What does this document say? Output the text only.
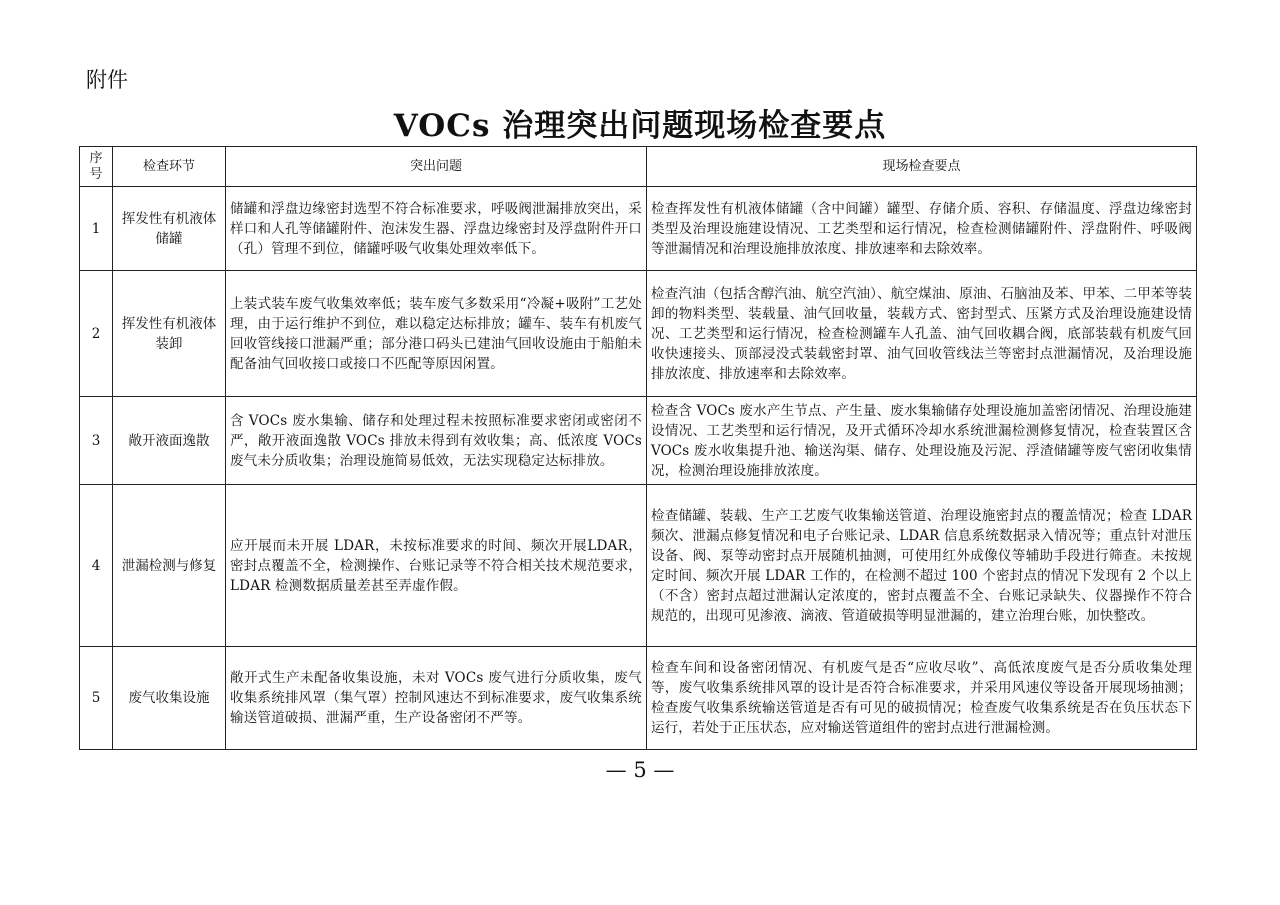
附件
VOCs 治理突出问题现场检查要点
序号	检查环节	突出问题	现场检查要点
1	挥发性有机液体储罐	储罐和浮盘边缘密封选型不符合标准要求，呼吸阀泄漏排放突出，采样口和人孔等储罐附件、泡沫发生器、浮盘边缘密封及浮盘附件开口（孔）管理不到位，储罐呼吸气收集处理效率低下。	检查挥发性有机液体储罐（含中间罐）罐型、存储介质、容积、存储温度、浮盘边缘密封类型及治理设施建设情况、工艺类型和运行情况，检查检测储罐附件、浮盘附件、呼吸阀等泄漏情况和治理设施排放浓度、排放速率和去除效率。
2	挥发性有机液体装卸	上装式装车废气收集效率低；装车废气多数采用“冷凝+吸附”工艺处理，由于运行维护不到位，难以稳定达标排放；罐车、装车有机废气回收管线接口泄漏严重；部分港口码头已建油气回收设施由于船舶未配备油气回收接口或接口不匹配等原因闲置。	检查汽油（包括含醇汽油、航空汽油）、航空煤油、原油、石脑油及苯、甲苯、二甲苯等装卸的物料类型、装载量、油气回收量，装载方式、密封型式、压紧方式及治理设施建设情况、工艺类型和运行情况，检查检测罐车人孔盖、油气回收耦合阀，底部装载有机废气回收快速接头、顶部浸没式装载密封罩、油气回收管线法兰等密封点泄漏情况，及治理设施排放浓度、排放速率和去除效率。
3	敞开液面逸散	含 VOCs 废水集输、储存和处理过程未按照标准要求密闭或密闭不严，敞开液面逸散 VOCs 排放未得到有效收集；高、低浓度 VOCs 废气未分质收集；治理设施简易低效，无法实现稳定达标排放。	检查含 VOCs 废水产生节点、产生量、废水集输储存处理设施加盖密闭情况、治理设施建设情况、工艺类型和运行情况，及开式循环冷却水系统泄漏检测修复情况，检查装置区含 VOCs 废水收集提升池、输送沟渠、储存、处理设施及污泥、浮渣储罐等废气密闭收集情况，检测治理设施排放浓度。
4	泄漏检测与修复	应开展而未开展 LDAR，未按标准要求的时间、频次开展LDAR，密封点覆盖不全，检测操作、台账记录等不符合相关技术规范要求，LDAR 检测数据质量差甚至弄虚作假。	检查储罐、装载、生产工艺废气收集输送管道、治理设施密封点的覆盖情况；检查 LDAR 频次、泄漏点修复情况和电子台账记录、LDAR 信息系统数据录入情况等；重点针对泄压设备、阀、泵等动密封点开展随机抽测，可使用红外成像仪等辅助手段进行筛查。未按规定时间、频次开展 LDAR 工作的，在检测不超过 100 个密封点的情况下发现有 2 个以上（不含）密封点超过泄漏认定浓度的，密封点覆盖不全、台账记录缺失、仪器操作不符合规范的，出现可见渗液、滴液、管道破损等明显泄漏的，建立治理台账，加快整改。
5	废气收集设施	敞开式生产未配备收集设施，未对 VOCs 废气进行分质收集，废气收集系统排风罩（集气罩）控制风速达不到标准要求，废气收集系统输送管道破损、泄漏严重，生产设备密闭不严等。	检查车间和设备密闭情况、有机废气是否“应收尽收”、高低浓度废气是否分质收集处理等，废气收集系统排风罩的设计是否符合标准要求，并采用风速仪等设备开展现场抽测；检查废气收集系统输送管道是否有可见的破损情况；检查废气收集系统是否在负压状态下运行，若处于正压状态，应对输送管道组件的密封点进行泄漏检测。
— 5 —
